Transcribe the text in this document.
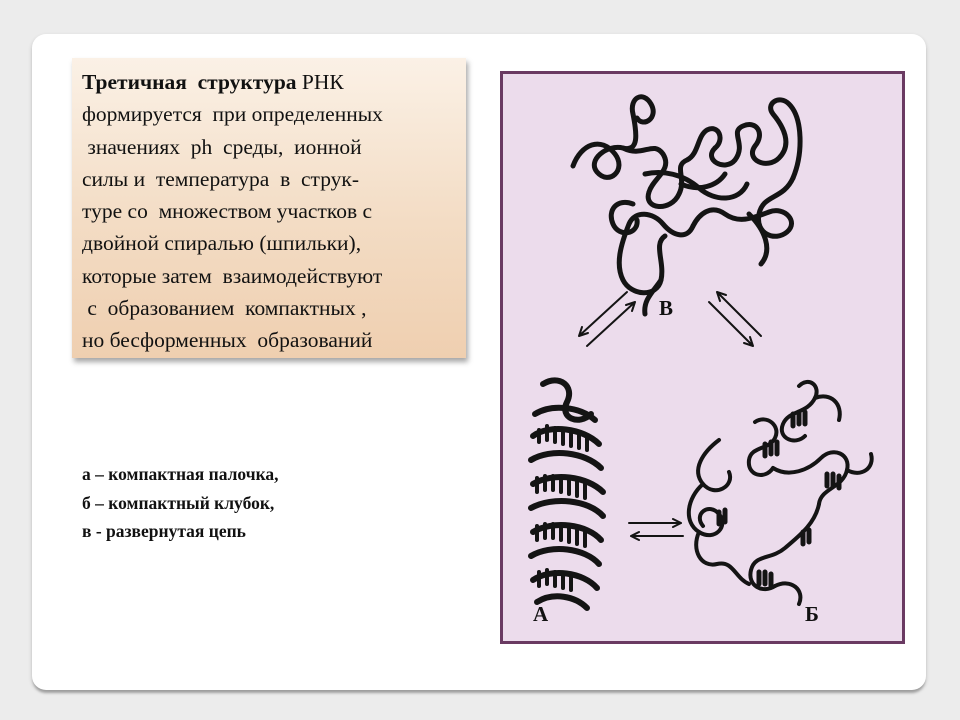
Третичная  структура РНК
формируется  при определенных
значениях  ph  среды,  ионной
силы и  температура  в  струк-
туре со  множеством участков с
двойной спиралью (шпильки),
которые затем  взаимодействуют
с  образованием  компактных ,
но бесформенных  образований
а – компактная палочка,
б – компактный клубок,
в - развернутая цепь
В
А	Б
